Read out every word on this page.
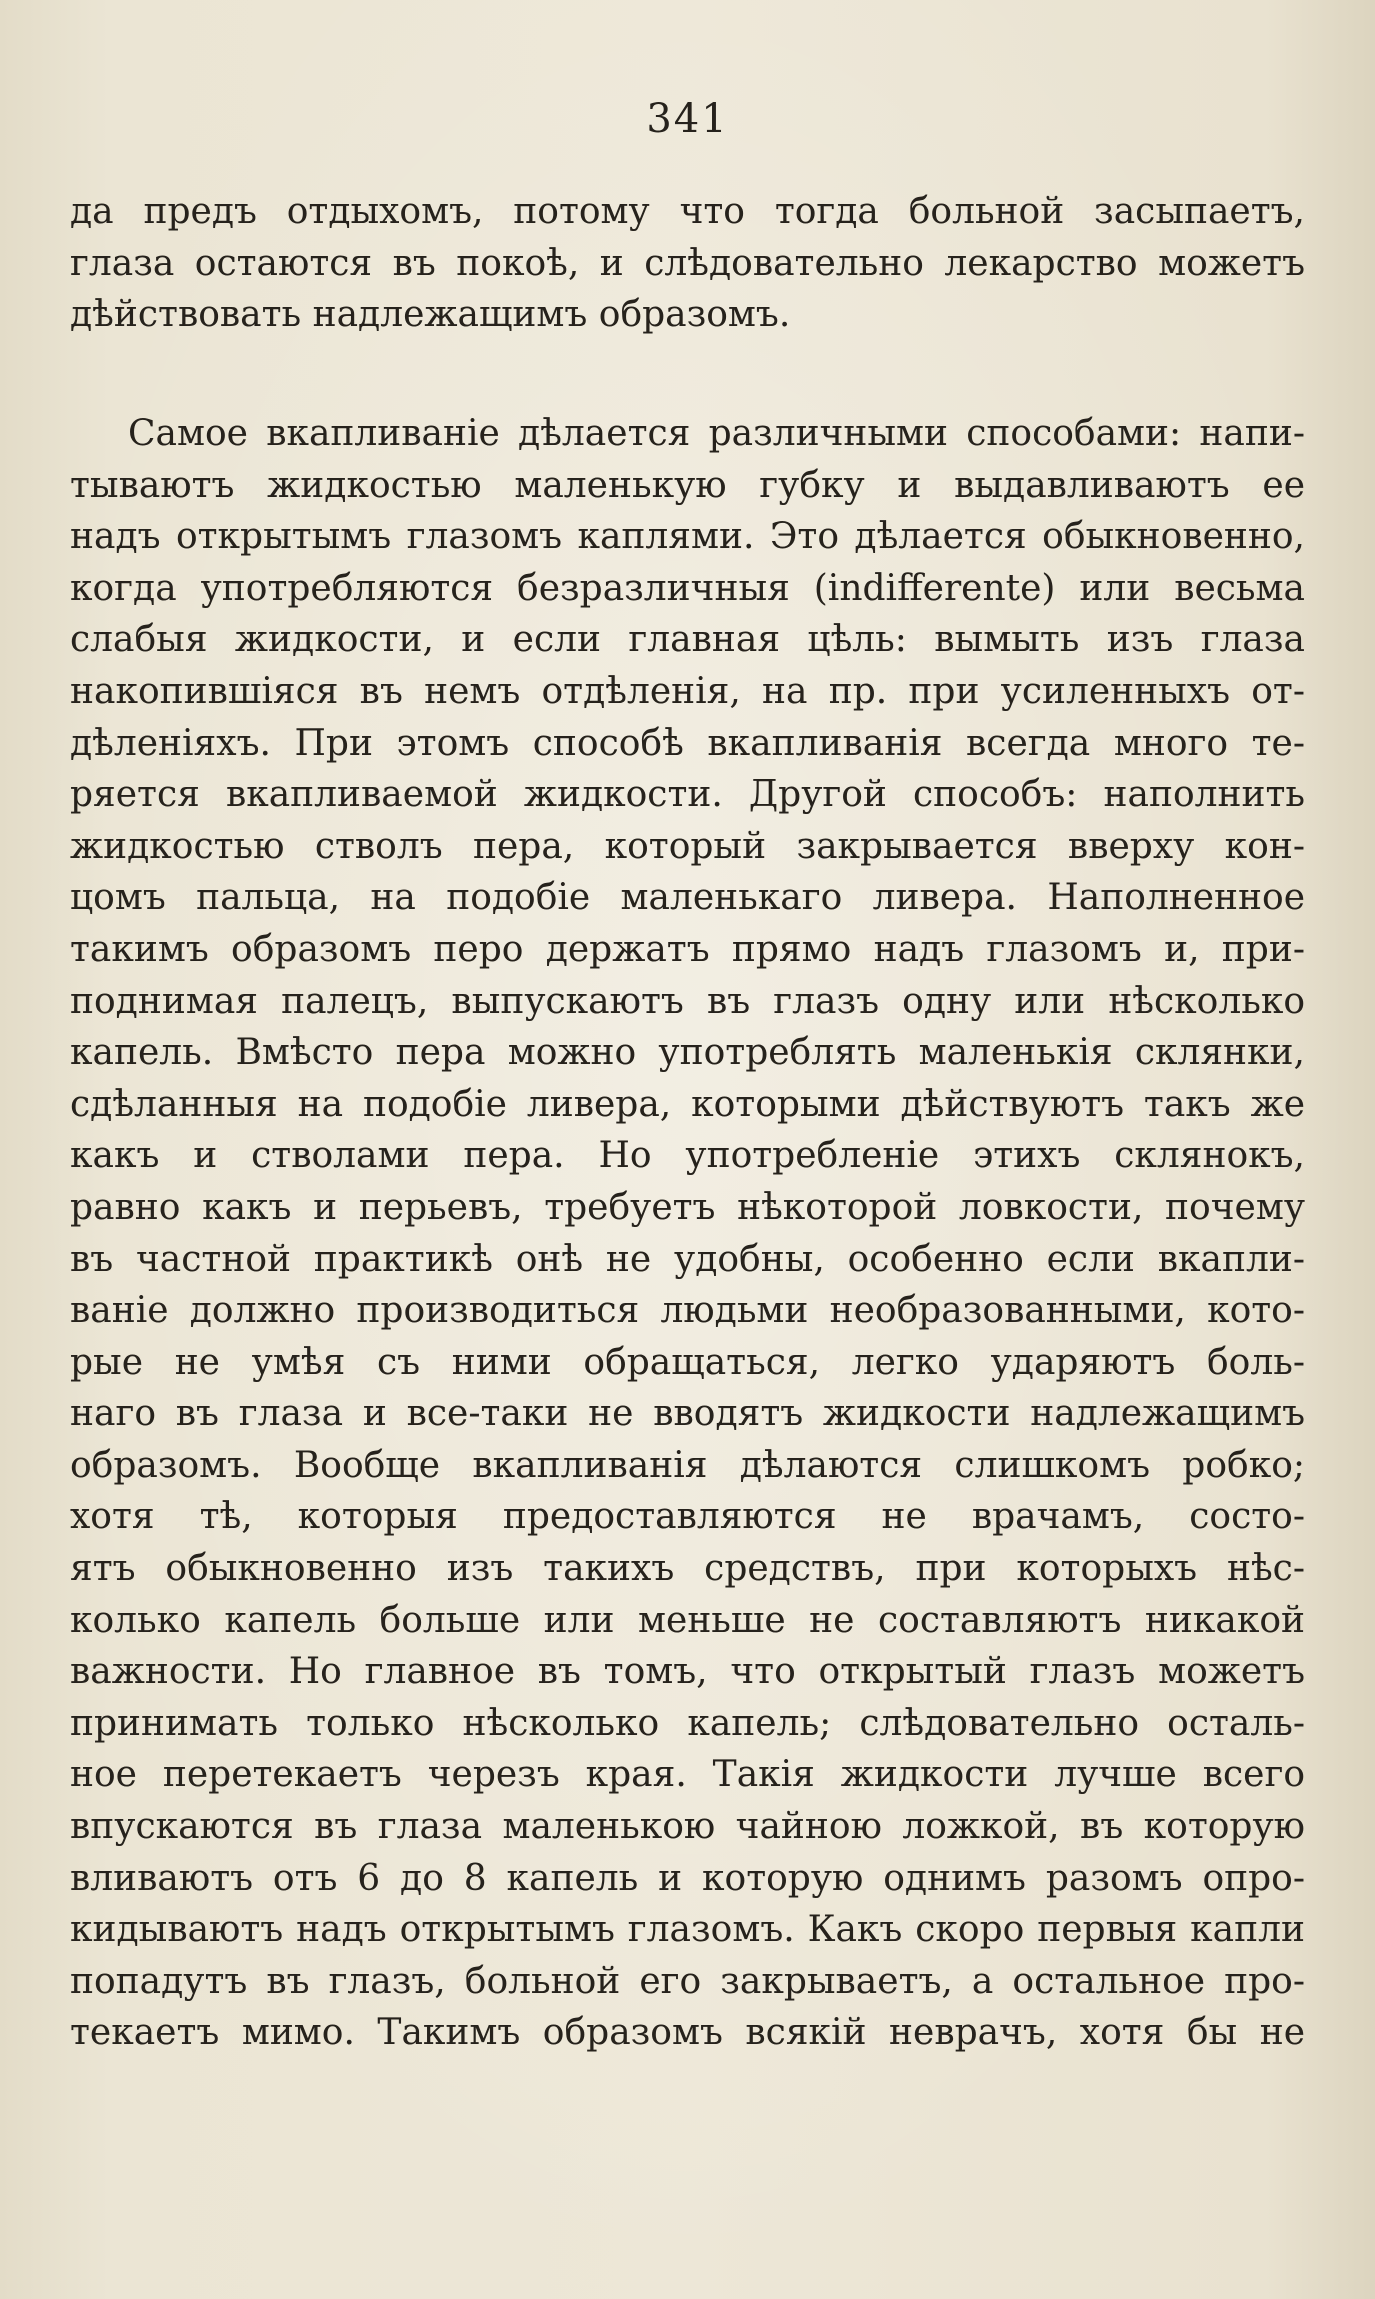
341
да предъ отдыхомъ, потому что тогда больной засыпаетъ,
глаза остаются въ покоѣ, и слѣдовательно лекарство можетъ
дѣйствовать надлежащимъ образомъ.
Самое вкапливаніе дѣлается различными способами: напи-
тываютъ жидкостью маленькую губку и выдавливаютъ ее
надъ открытымъ глазомъ каплями. Это дѣлается обыкновенно,
когда употребляются безразличныя (indifferente) или весьма
слабыя жидкости, и если главная цѣль: вымыть изъ глаза
накопившіяся въ немъ отдѣленія, на пр. при усиленныхъ от-
дѣленіяхъ. При этомъ способѣ вкапливанія всегда много те-
ряется вкапливаемой жидкости. Другой способъ: наполнить
жидкостью стволъ пера, который закрывается вверху кон-
цомъ пальца, на подобіе маленькаго ливера. Наполненное
такимъ образомъ перо держатъ прямо надъ глазомъ и, при-
поднимая палецъ, выпускаютъ въ глазъ одну или нѣсколько
капель. Вмѣсто пера можно употреблять маленькія склянки,
сдѣланныя на подобіе ливера, которыми дѣйствуютъ такъ же
какъ и стволами пера. Но употребленіе этихъ склянокъ,
равно какъ и перьевъ, требуетъ нѣкоторой ловкости, почему
въ частной практикѣ онѣ не удобны, особенно если вкапли-
ваніе должно производиться людьми необразованными, кото-
рые не умѣя съ ними обращаться, легко ударяютъ боль-
наго въ глаза и все-таки не вводятъ жидкости надлежащимъ
образомъ. Вообще вкапливанія дѣлаются слишкомъ робко;
хотя тѣ, которыя предоставляются не врачамъ, состо-
ятъ обыкновенно изъ такихъ средствъ, при которыхъ нѣс-
колько капель больше или меньше не составляютъ никакой
важности. Но главное въ томъ, что открытый глазъ можетъ
принимать только нѣсколько капель; слѣдовательно осталь-
ное перетекаетъ черезъ края. Такія жидкости лучше всего
впускаются въ глаза маленькою чайною ложкой, въ которую
вливаютъ отъ 6 до 8 капель и которую однимъ разомъ опро-
кидываютъ надъ открытымъ глазомъ. Какъ скоро первыя капли
попадутъ въ глазъ, больной его закрываетъ, а остальное про-
текаетъ мимо. Такимъ образомъ всякій неврачъ, хотя бы не
